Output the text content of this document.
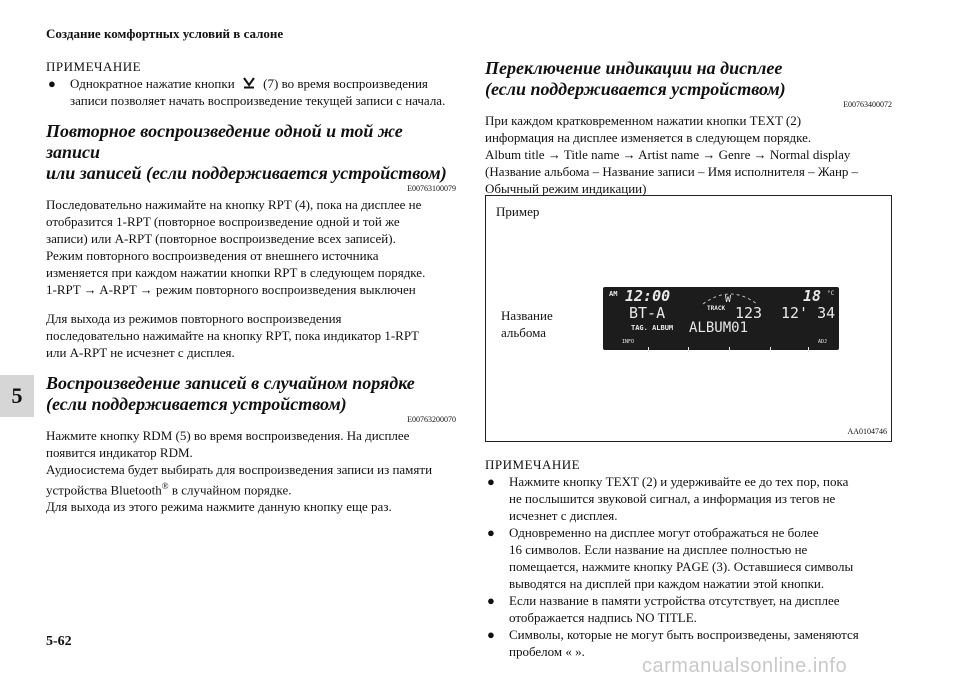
Создание комфортных условий в салоне
5
ПРИМЕЧАНИЕ
●	Однократное нажатие кнопки (7) во время воспроизведения записи позволяет начать воспроизведение текущей записи с начала.
Повторное воспроизведение одной и той же записи
или записей (если поддерживается устройством)
E00763100079
Последовательно нажимайте на кнопку RPT (4), пока на дисплее не
отобразится 1-RPT (повторное воспроизведение одной и той же
записи) или A-RPT (повторное воспроизведение всех записей).
Режим повторного воспроизведения от внешнего источника
изменяется при каждом нажатии кнопки RPT в следующем порядке.
1-RPT → A-RPT → режим повторного воспроизведения выключен
Для выхода из режимов повторного воспроизведения
последовательно нажимайте на кнопку RPT, пока индикатор 1-RPT
или A-RPT не исчезнет с дисплея.
Воспроизведение записей в случайном порядке
(если поддерживается устройством)
E00763200070
Нажмите кнопку RDM (5) во время воспроизведения. На дисплее
появится индикатор RDM.
Аудиосистема будет выбирать для воспроизведения записи из памяти
устройства Bluetooth® в случайном порядке.
Для выхода из этого режима нажмите данную кнопку еще раз.
Переключение индикации на дисплее
(если поддерживается устройством)
E00763400072
При каждом кратковременном нажатии кнопки TEXT (2)
информация на дисплее изменяется в следующем порядке.
Album title → Title name → Artist name → Genre → Normal display
(Название альбома – Название записи – Имя исполнителя – Жанр –
Обычный режим индикации)
Пример
Название
альбома
AM 12:00	W	18 °C
BT-A	TRACK 123 12' 34
TAG. ALBUM ALBUM01
INFO	ADJ
AA0104746
ПРИМЕЧАНИЕ
●	Нажмите кнопку TEXT (2) и удерживайте ее до тех пор, пока
не послышится звуковой сигнал, а информация из тегов не
исчезнет с дисплея.
●	Одновременно на дисплее могут отображаться не более
16 символов. Если название на дисплее полностью не
помещается, нажмите кнопку PAGE (3). Оставшиеся символы
выводятся на дисплей при каждом нажатии этой кнопки.
●	Если название в памяти устройства отсутствует, на дисплее
отображается надпись NO TITLE.
●	Символы, которые не могут быть воспроизведены, заменяются
пробелом « ».
5-62
carmanualsonline.info
